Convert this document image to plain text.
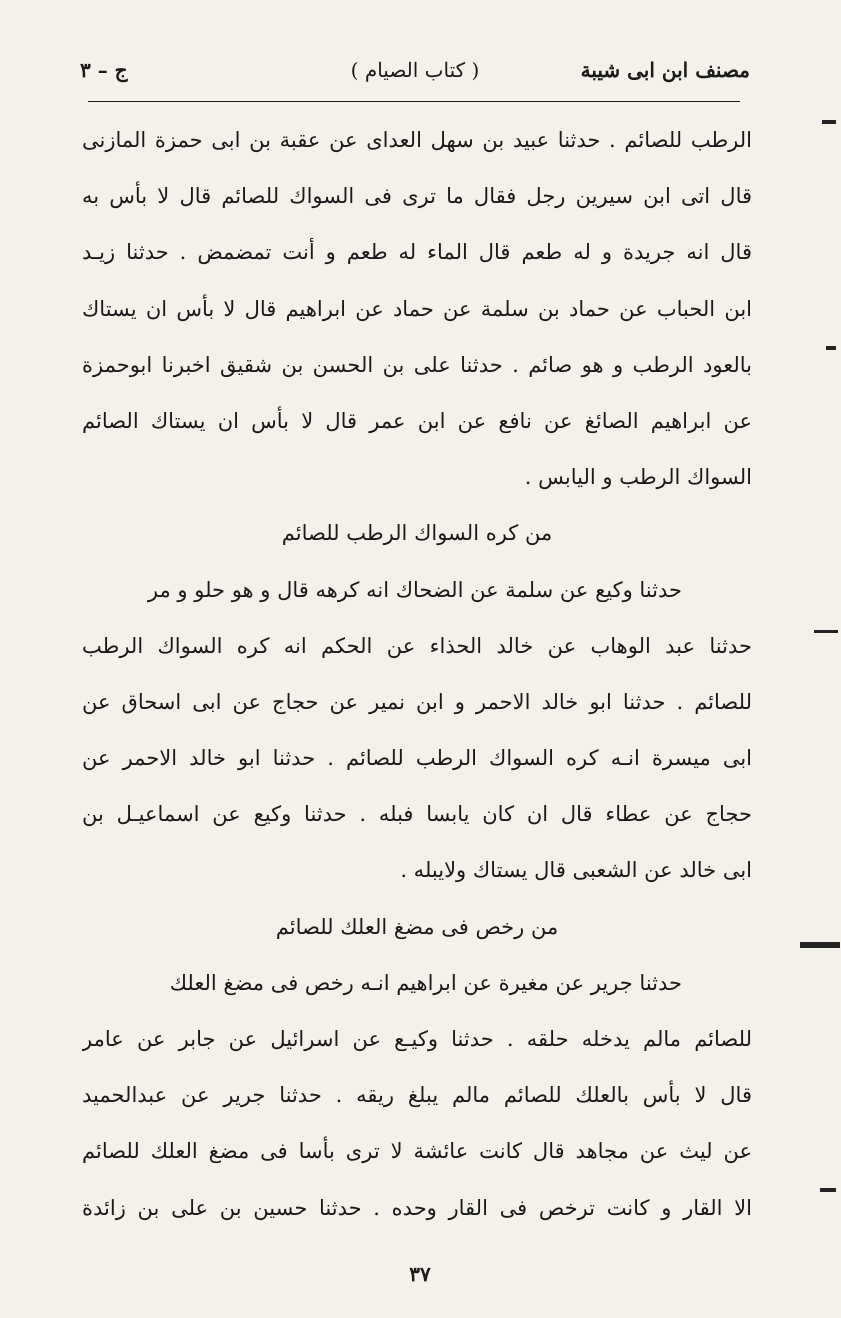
مصنف ابن ابى شيبة
( كتاب الصيام )
ج – ٣
الرطب للصائم . حدثنا عبيد بن سهل العداى عن عقبة بن ابى حمزة المازنى
قال اتى ابن سيرين رجل فقال ما ترى فى السواك للصائم قال لا بأس به
قال انه جريدة و له طعم قال الماء له طعم و أنت تمضمض . حدثنا زيـد
ابن الحباب عن حماد بن سلمة عن حماد عن ابراهيم قال لا بأس ان يستاك
بالعود الرطب و هو صائم . حدثنا على بن الحسن بن شقيق اخبرنا ابوحمزة
عن ابراهيم الصائغ عن نافع عن ابن عمر قال لا بأس ان يستاك الصائم
السواك الرطب و اليابس .
من كره السواك الرطب للصائم
حدثنا وكيع عن سلمة عن الضحاك انه كرهه قال و هو حلو و مر
حدثنا عبد الوهاب عن خالد الحذاء عن الحكم انه كره السواك الرطب
للصائم . حدثنا ابو خالد الاحمر و ابن نمير عن حجاج عن ابى اسحاق عن
ابى ميسرة انـه كره السواك الرطب للصائم . حدثنا ابو خالد الاحمر عن
حجاج عن عطاء قال ان كان يابسا فبله . حدثنا وكيع عن اسماعيـل بن
ابى خالد عن الشعبى قال يستاك ولايبله .
من رخص فى مضغ العلك للصائم
حدثنا جرير عن مغيرة عن ابراهيم انـه رخص فى مضغ العلك
للصائم مالم يدخله حلقه . حدثنا وكيـع عن اسرائيل عن جابر عن عامر
قال لا بأس بالعلك للصائم مالم يبلغ ريقه . حدثنا جرير عن عبدالحميد
عن ليث عن مجاهد قال كانت عائشة لا ترى بأسا فى مضغ العلك للصائم
الا القار و كانت ترخص فى القار وحده . حدثنا حسين بن على بن زائدة
٣٧
